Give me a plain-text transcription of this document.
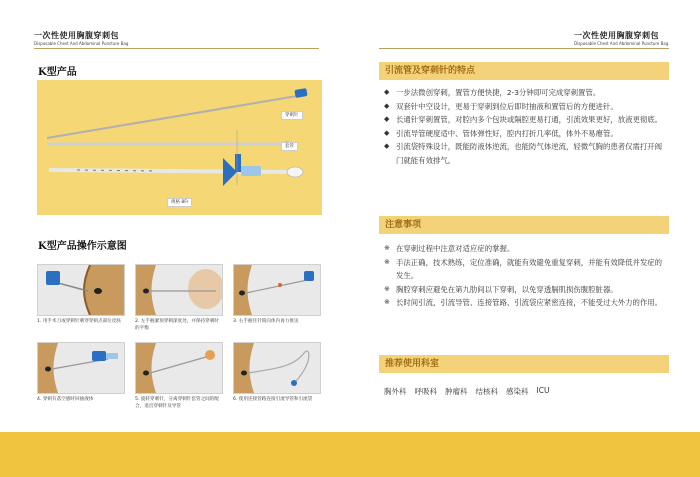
一次性使用胸腹穿刺包
Disposable Chest And Abdominal Puncture Bag
K型产品
穿刺针
套管
规格 8Fr
K型产品操作示意图
1. 用手术刀或穿刺针刺穿穿刺点部位皮肤	2. 左手握紧预穿刺深度处，并保持穿刺时的平衡
3. 右手握住针筒向体内再力推送
4. 穿刺有落空感时回抽液体	5. 旋转穿刺针，分离穿刺针套管之间的配合，退出穿刺针及导管
6. 使用连接管路连接引流导管和引流袋
一次性使用胸腹穿刺包
Disposable Chest And Abdominal Puncture Bag
引流管及穿刺针的特点
◆ 一步法微创穿刺，置管方便快捷，2-3分钟即可完成穿刺置管。
◆ 双套针中空设计，更易于穿刺到位后即时抽液和置管后的方便进针。
◆ 长通针穿刺置管，对腔内多个包块或隔腔更易打通，引流效果更好，放液更彻底。
◆ 引流导管硬度适中、管体弹性好，腔内打折几率低，体外不易瘪管。
◆ 引流袋特殊设计，既能防液体逆流，也能防气体逆流，轻微气胸的患者仅需打开阀门就能有效排气。
注意事项
※ 在穿刺过程中注意对适应症的掌握。
※ 手法正确，技术熟练，定位准确，就能有效避免重复穿刺，并能有效降低并发症的发生。
※ 胸腔穿刺应避免在第九肋间以下穿刺，以免穿透膈肌损伤腹腔脏器。
※ 长时间引流，引流导管、连接管路、引流袋应紧密连接，不能受过大外力的作用。
推荐使用科室
胸外科 呼吸科 肿瘤科 结核科 感染科 ICU
